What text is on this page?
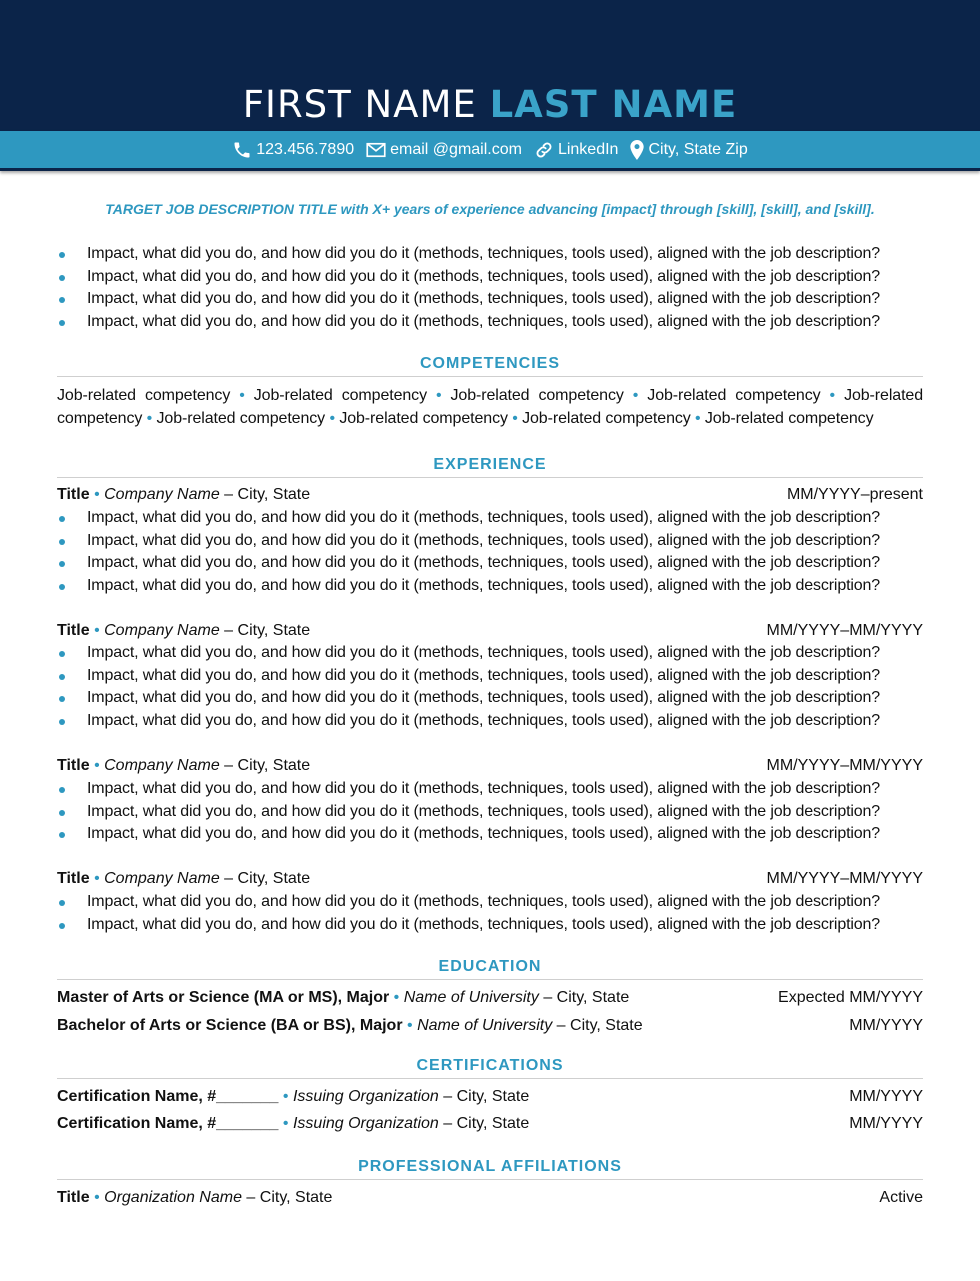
FIRST NAME LAST NAME
123.456.7890 email @gmail.com LinkedIn City, State Zip
TARGET JOB DESCRIPTION TITLE with X+ years of experience advancing [impact] through [skill], [skill], and [skill].
Impact, what did you do, and how did you do it (methods, techniques, tools used), aligned with the job description?
Impact, what did you do, and how did you do it (methods, techniques, tools used), aligned with the job description?
Impact, what did you do, and how did you do it (methods, techniques, tools used), aligned with the job description?
Impact, what did you do, and how did you do it (methods, techniques, tools used), aligned with the job description?
COMPETENCIES
Job-related competency • Job-related competency • Job-related competency • Job-related competency • Job-related competency • Job-related competency • Job-related competency • Job-related competency • Job-related competency
EXPERIENCE
Title • Company Name – City, State	MM/YYYY–present
Impact, what did you do, and how did you do it (methods, techniques, tools used), aligned with the job description?
Impact, what did you do, and how did you do it (methods, techniques, tools used), aligned with the job description?
Impact, what did you do, and how did you do it (methods, techniques, tools used), aligned with the job description?
Impact, what did you do, and how did you do it (methods, techniques, tools used), aligned with the job description?
Title • Company Name – City, State	MM/YYYY–MM/YYYY
Impact, what did you do, and how did you do it (methods, techniques, tools used), aligned with the job description?
Impact, what did you do, and how did you do it (methods, techniques, tools used), aligned with the job description?
Impact, what did you do, and how did you do it (methods, techniques, tools used), aligned with the job description?
Impact, what did you do, and how did you do it (methods, techniques, tools used), aligned with the job description?
Title • Company Name – City, State	MM/YYYY–MM/YYYY
Impact, what did you do, and how did you do it (methods, techniques, tools used), aligned with the job description?
Impact, what did you do, and how did you do it (methods, techniques, tools used), aligned with the job description?
Impact, what did you do, and how did you do it (methods, techniques, tools used), aligned with the job description?
Title • Company Name – City, State	MM/YYYY–MM/YYYY
Impact, what did you do, and how did you do it (methods, techniques, tools used), aligned with the job description?
Impact, what did you do, and how did you do it (methods, techniques, tools used), aligned with the job description?
EDUCATION
Master of Arts or Science (MA or MS), Major • Name of University – City, State	Expected MM/YYYY
Bachelor of Arts or Science (BA or BS), Major • Name of University – City, State	MM/YYYY
CERTIFICATIONS
Certification Name, #_______ • Issuing Organization – City, State	MM/YYYY
Certification Name, #_______ • Issuing Organization – City, State	MM/YYYY
PROFESSIONAL AFFILIATIONS
Title • Organization Name – City, State	Active
